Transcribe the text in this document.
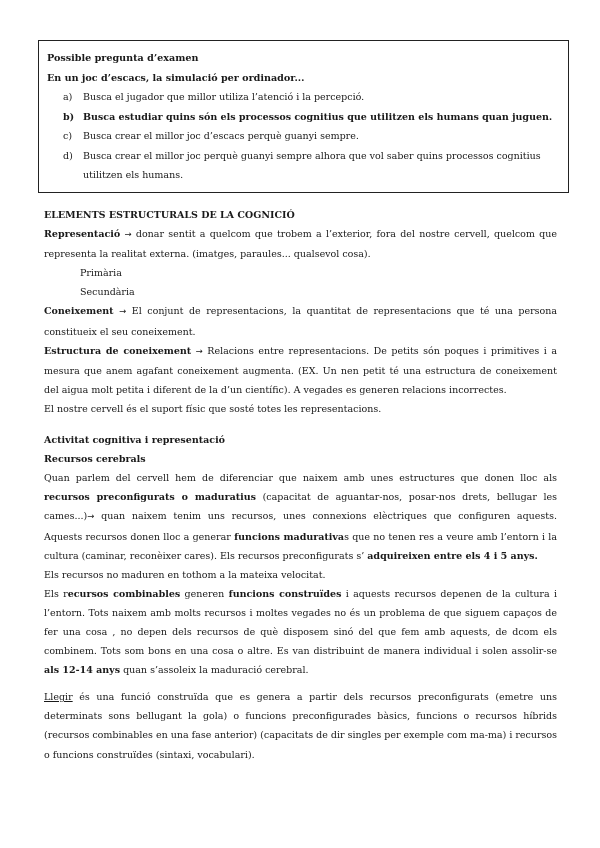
Possible pregunta d’examen
En un joc d’escacs, la simulació per ordinador...
a) Busca el jugador que millor utiliza l’atenció i la percepció.
b) Busca estudiar quins són els processos cognitius que utilitzen els humans quan juguen.
c) Busca crear el millor joc d’escacs perquè guanyi sempre.
d) Busca crear el millor joc perquè guanyi sempre alhora que vol saber quins processos cognitius utilitzen els humans.

ELEMENTS ESTRUCTURALS DE LA COGNICIÓ

Representació → donar sentit a quelcom que trobem a l’exterior, fora del nostre cervell, quelcom que representa la realitat externa. (imatges, paraules... qualsevol cosa).

Primària

Secundària

Coneixement → El conjunt de representacions, la quantitat de representacions que té una persona constitueix el seu coneixement.

Estructura de coneixement → Relacions entre representacions. De petits són poques i primitives i a mesura que anem agafant coneixement augmenta. (EX. Un nen petit té una estructura de coneixement del aigua molt petita i diferent de la d’un científic). A vegades es generen relacions incorrectes.

El nostre cervell és el suport físic que sosté totes les representacions.

Activitat cognitiva i representació

Recursos cerebrals

Quan parlem del cervell hem de diferenciar que naixem amb unes estructures que donen lloc als recursos preconfigurats o maduratius (capacitat de aguantar-nos, posar-nos drets, bellugar les cames...)→ quan naixem tenim uns recursos, unes connexions elèctriques que configuren aquests. Aquests recursos donen lloc a generar funcions madurativas que no tenen res a veure amb l’entorn i la cultura (caminar, reconèixer cares). Els recursos preconfigurats s’ adquireixen entre els 4 i 5 anys.

Els recursos no maduren en tothom a la mateixa velocitat.

Els recursos combinables generen funcions construïdes i aquests recursos depenen de la cultura i l’entorn. Tots naixem amb molts recursos i moltes vegades no és un problema de que siguem capaços de fer una cosa , no depen dels recursos de què disposem sinó del que fem amb aquests, de dcom els combinem. Tots som bons en una cosa o altre. Es van distribuint de manera individual i solen assolir-se als 12-14 anys quan s’assoleix la maduració cerebral.

Llegir és una funció construïda que es genera a partir dels recursos preconfigurats (emetre uns determinats sons bellugant la gola) o funcions preconfigurades bàsics, funcions o recursos híbrids (recursos combinables en una fase anterior) (capacitats de dir singles per exemple com ma-ma) i recursos o funcions construïdes (sintaxi, vocabulari).
